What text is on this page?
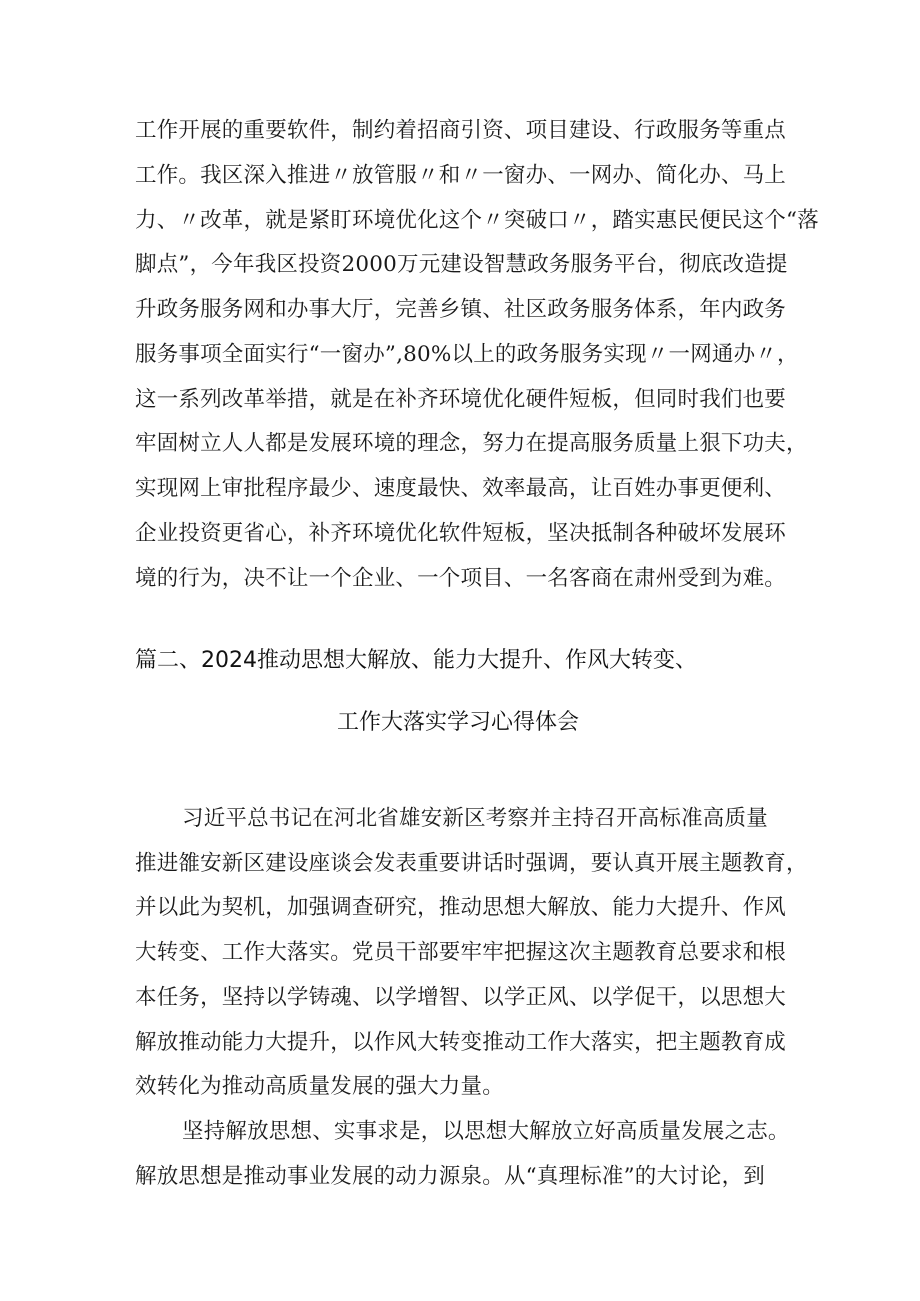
工作开展的重要软件，制约着招商引资、项目建设、行政服务等重点
工作。我区深入推进〃放管服〃和〃一窗办、一网办、简化办、马上
力、〃改革，就是紧盯环境优化这个〃突破口〃，踏实惠民便民这个“落
脚点”，今年我区投资2000万元建设智慧政务服务平台，彻底改造提
升政务服务网和办事大厅，完善乡镇、社区政务服务体系，年内政务
服务事项全面实行“一窗办”,80%以上的政务服务实现〃一网通办〃，
这一系列改革举措，就是在补齐环境优化硬件短板，但同时我们也要
牢固树立人人都是发展环境的理念，努力在提高服务质量上狠下功夫，
实现网上审批程序最少、速度最快、效率最高，让百姓办事更便利、
企业投资更省心，补齐环境优化软件短板，坚决抵制各种破坏发展环
境的行为，决不让一个企业、一个项目、一名客商在肃州受到为难。
篇二、2024推动思想大解放、能力大提升、作风大转变、
工作大落实学习心得体会
习近平总书记在河北省雄安新区考察并主持召开高标准高质量
推进雒安新区建设座谈会发表重要讲话时强调，要认真开展主题教育，
并以此为契机，加强调查研究，推动思想大解放、能力大提升、作风
大转变、工作大落实。党员干部要牢牢把握这次主题教育总要求和根
本任务，坚持以学铸魂、以学增智、以学正风、以学促干，以思想大
解放推动能力大提升，以作风大转变推动工作大落实，把主题教育成
效转化为推动高质量发展的强大力量。
坚持解放思想、实事求是，以思想大解放立好高质量发展之志。
解放思想是推动事业发展的动力源泉。从“真理标准”的大讨论，到
